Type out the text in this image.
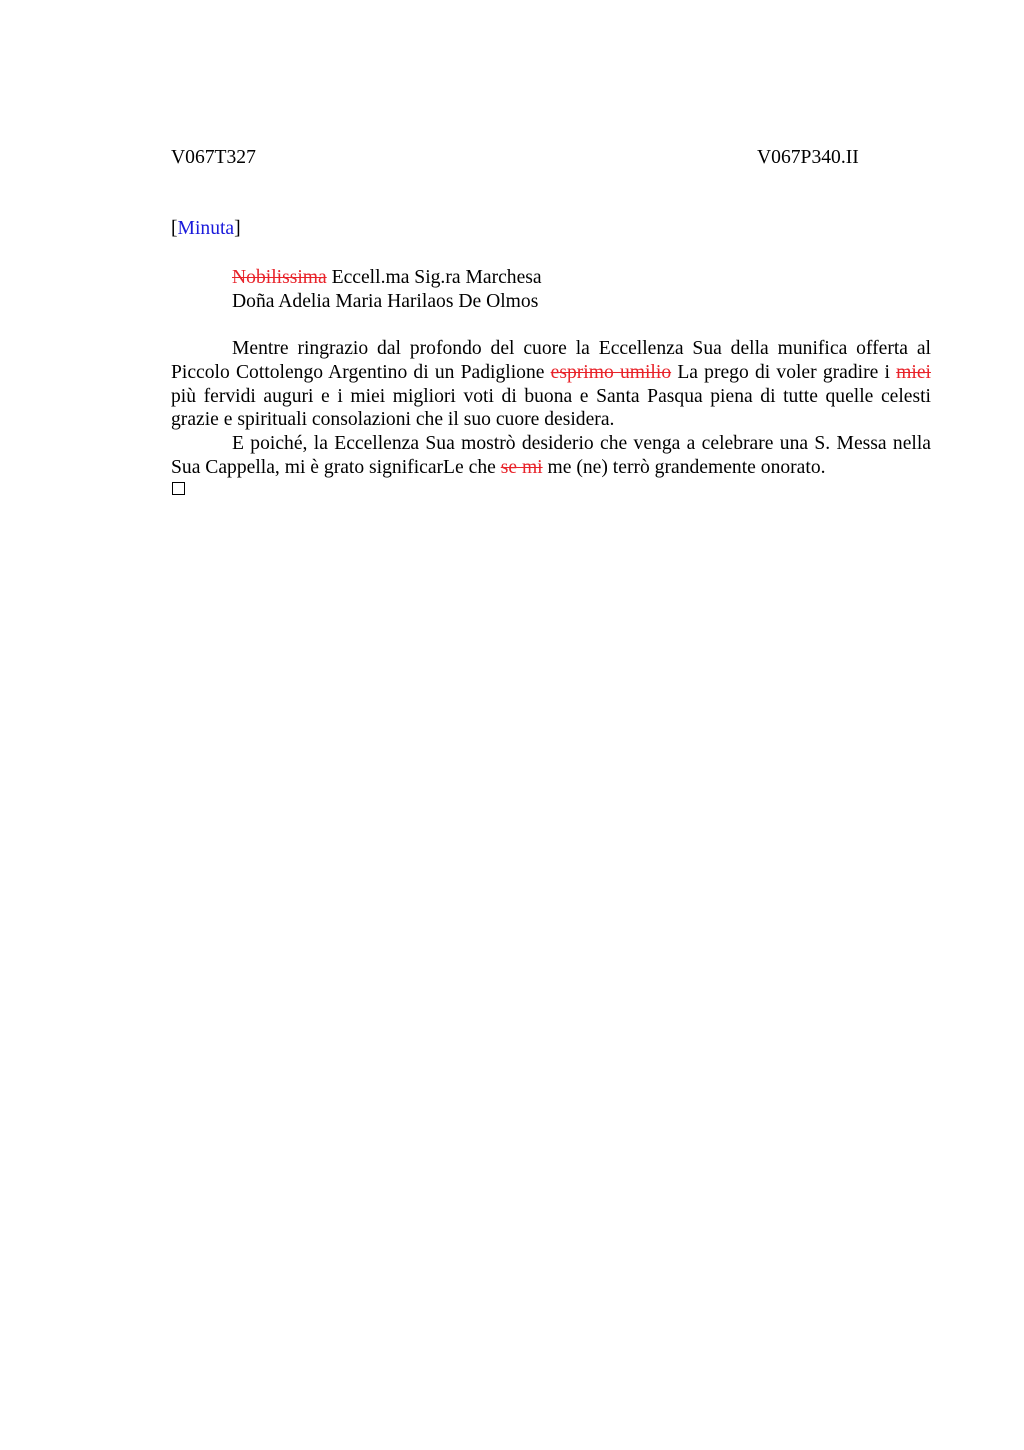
V067T327	V067P340.II
[Minuta]
Nobilissima Eccell.ma Sig.ra Marchesa
Doña Adelia Maria Harilaos De Olmos

Mentre ringrazio dal profondo del cuore la Eccellenza Sua della munifica offerta al Piccolo Cottolengo Argentino di un Padiglione esprimo umilio La prego di voler gradire i miei più fervidi auguri e i miei migliori voti di buona e Santa Pasqua piena di tutte quelle celesti grazie e spirituali consolazioni che il suo cuore desidera.

E poiché, la Eccellenza Sua mostrò desiderio che venga a celebrare una S. Messa nella Sua Cappella, mi è grato significarLe che se mi me (ne) terrò grandemente onorato.
